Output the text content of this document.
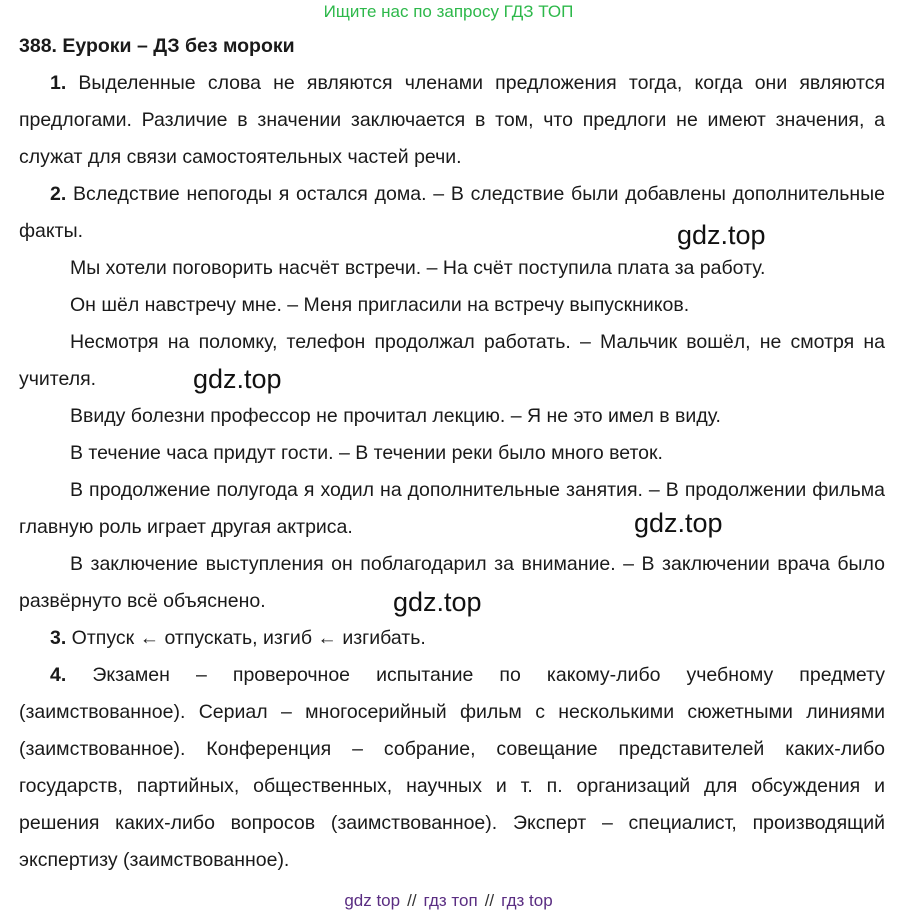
Ищите нас по запросу ГДЗ ТОП
388. Еуроки – ДЗ без мороки

1. Выделенные слова не являются членами предложения тогда, когда они являются предлогами. Различие в значении заключается в том, что предлоги не имеют значения, а служат для связи самостоятельных частей речи.

2. Вследствие непогоды я остался дома. – В следствие были добавлены дополнительные факты.

Мы хотели поговорить насчёт встречи. – На счёт поступила плата за работу.

Он шёл навстречу мне. – Меня пригласили на встречу выпускников.

Несмотря на поломку, телефон продолжал работать. – Мальчик вошёл, не смотря на учителя.

Ввиду болезни профессор не прочитал лекцию. – Я не это имел в виду.

В течение часа придут гости. – В течении реки было много веток.

В продолжение полугода я ходил на дополнительные занятия. – В продолжении фильма главную роль играет другая актриса.

В заключение выступления он поблагодарил за внимание. – В заключении врача было развёрнуто всё объяснено.

3. Отпуск ← отпускать, изгиб ← изгибать.

4. Экзамен – проверочное испытание по какому-либо учебному предмету (заимствованное). Сериал – многосерийный фильм с несколькими сюжетными линиями (заимствованное). Конференция – собрание, совещание представителей каких-либо государств, партийных, общественных, научных и т. п. организаций для обсуждения и решения каких-либо вопросов (заимствованное). Эксперт – специалист, производящий экспертизу (заимствованное).

gdz.top
gdz.top
gdz.top
gdz.top
gdz top // гдз топ // гдз top
